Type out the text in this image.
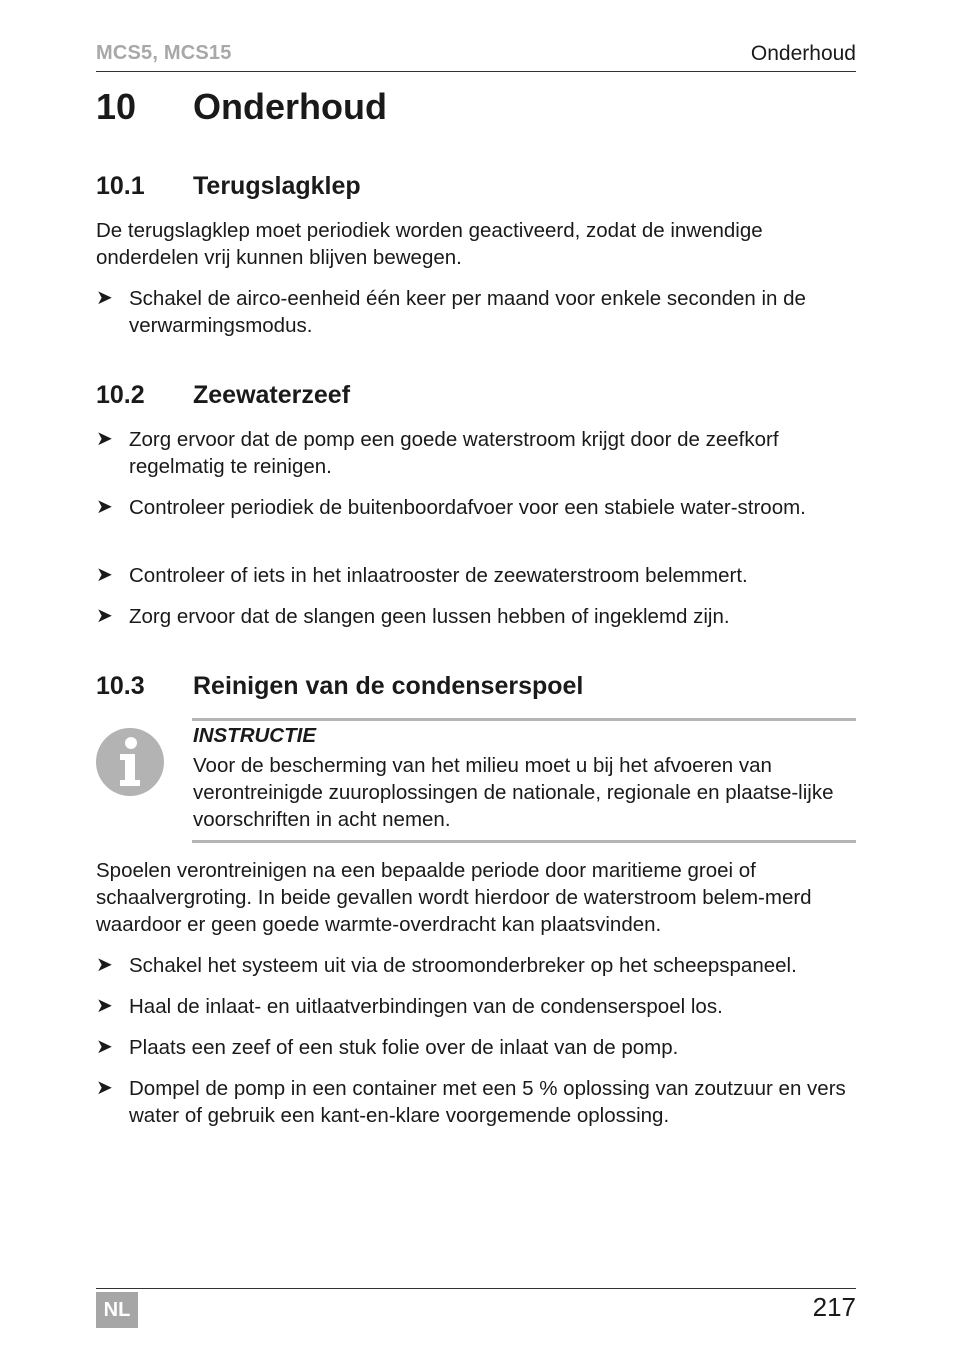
MCS5, MCS15	Onderhoud
10 Onderhoud
10.1 Terugslagklep
De terugslagklep moet periodiek worden geactiveerd, zodat de inwendige onderdelen vrij kunnen blijven bewegen.
➤ Schakel de airco-eenheid één keer per maand voor enkele seconden in de verwarmingsmodus.
10.2 Zeewaterzeef
➤ Zorg ervoor dat de pomp een goede waterstroom krijgt door de zeefkorf regelmatig te reinigen.
➤ Controleer periodiek de buitenboordafvoer voor een stabiele water-stroom.
➤ Controleer of iets in het inlaatrooster de zeewaterstroom belemmert.
➤ Zorg ervoor dat de slangen geen lussen hebben of ingeklemd zijn.
10.3 Reinigen van de condenserspoel
INSTRUCTIE
Voor de bescherming van het milieu moet u bij het afvoeren van verontreinigde zuuroplossingen de nationale, regionale en plaatse-lijke voorschriften in acht nemen.
Spoelen verontreinigen na een bepaalde periode door maritieme groei of schaalvergroting. In beide gevallen wordt hierdoor de waterstroom belem-merd waardoor er geen goede warmte-overdracht kan plaatsvinden.
➤ Schakel het systeem uit via de stroomonderbreker op het scheepspaneel.
➤ Haal de inlaat- en uitlaatverbindingen van de condenserspoel los.
➤ Plaats een zeef of een stuk folie over de inlaat van de pomp.
➤ Dompel de pomp in een container met een 5 % oplossing van zoutzuur en vers water of gebruik een kant-en-klare voorgemende oplossing.
NL	217
